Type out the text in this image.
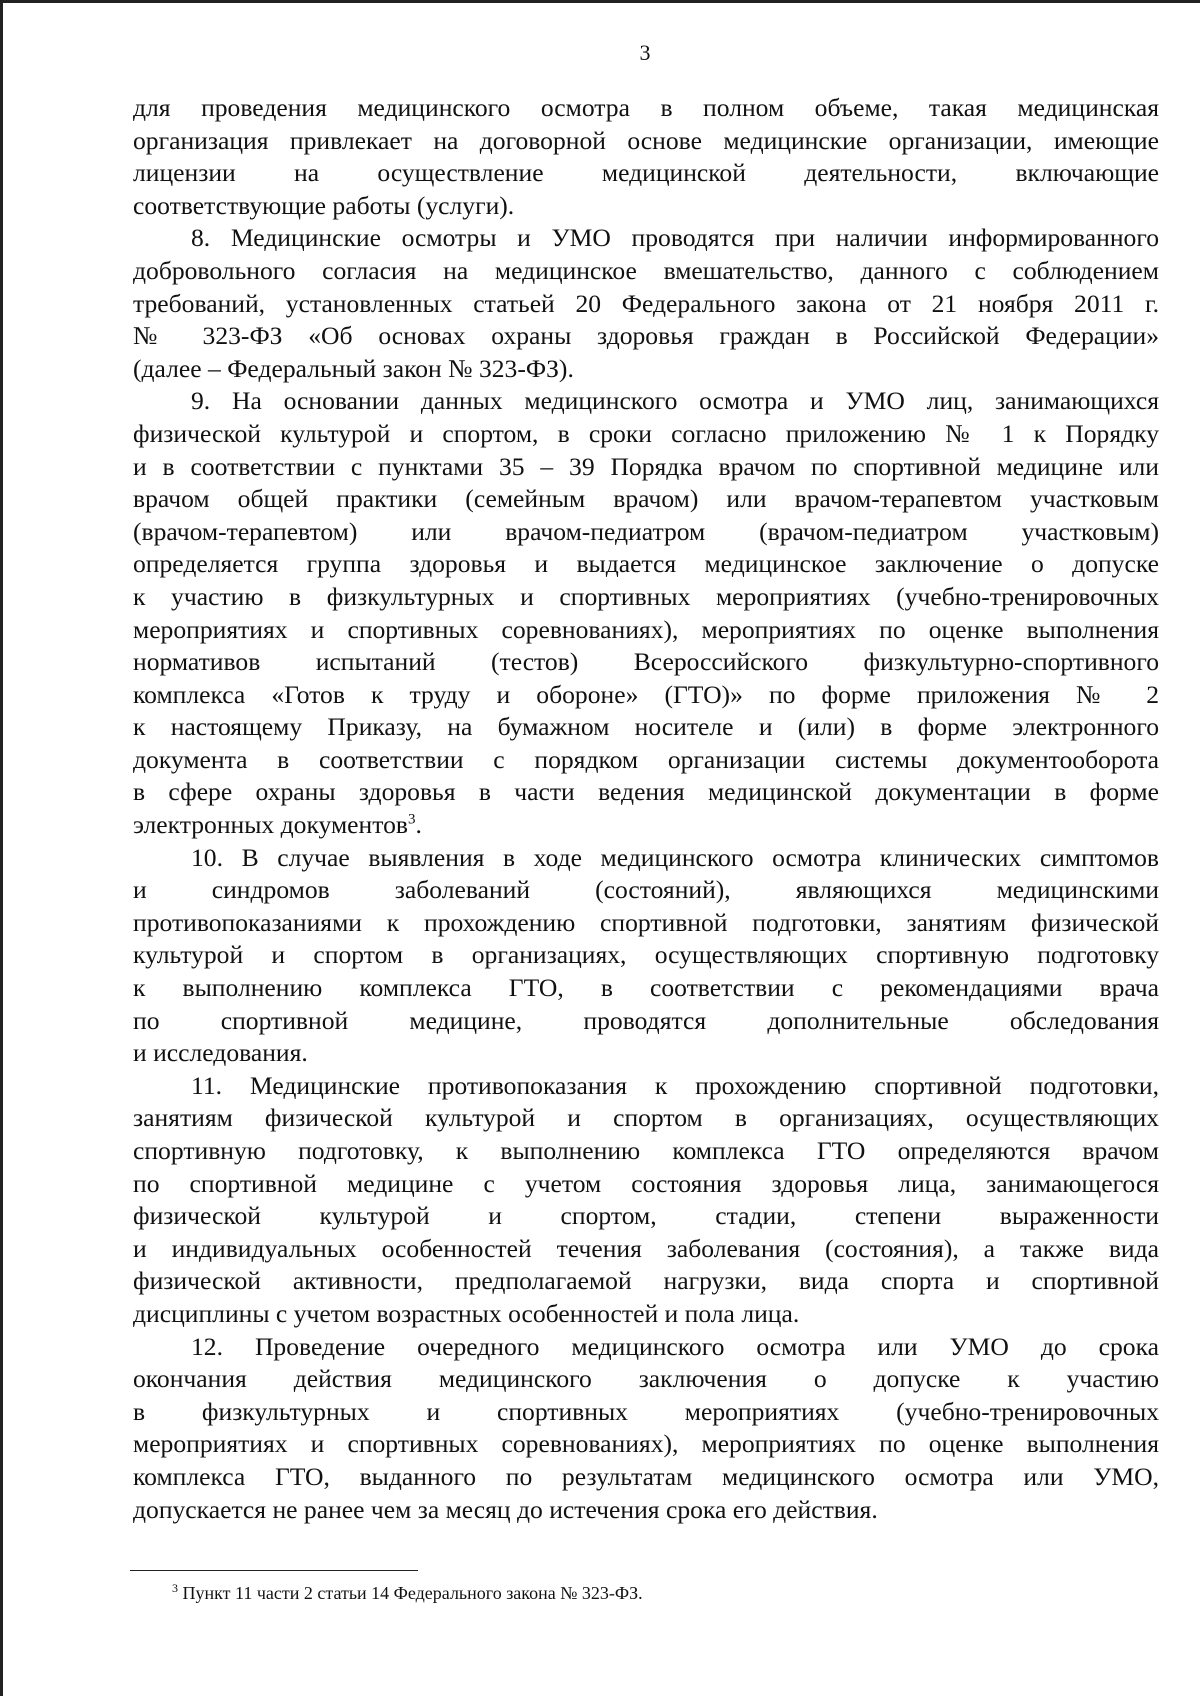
3
для проведения медицинского осмотра в полном объеме, такая медицинская
организация привлекает на договорной основе медицинские организации, имеющие
лицензии на осуществление медицинской деятельности, включающие
соответствующие работы (услуги).
8. Медицинские осмотры и УМО проводятся при наличии информированного
добровольного согласия на медицинское вмешательство, данного с соблюдением
требований, установленных статьей 20 Федерального закона от 21 ноября 2011 г.
№ 323-ФЗ «Об основах охраны здоровья граждан в Российской Федерации»
(далее – Федеральный закон № 323-ФЗ).
9. На основании данных медицинского осмотра и УМО лиц, занимающихся
физической культурой и спортом, в сроки согласно приложению № 1 к Порядку
и в соответствии с пунктами 35 – 39 Порядка врачом по спортивной медицине или
врачом общей практики (семейным врачом) или врачом-терапевтом участковым
(врачом-терапевтом) или врачом-педиатром (врачом-педиатром участковым)
определяется группа здоровья и выдается медицинское заключение о допуске
к участию в физкультурных и спортивных мероприятиях (учебно-тренировочных
мероприятиях и спортивных соревнованиях), мероприятиях по оценке выполнения
нормативов испытаний (тестов) Всероссийского физкультурно-спортивного
комплекса «Готов к труду и обороне» (ГТО)» по форме приложения № 2
к настоящему Приказу, на бумажном носителе и (или) в форме электронного
документа в соответствии с порядком организации системы документооборота
в сфере охраны здоровья в части ведения медицинской документации в форме
электронных документов$^3$.
10. В случае выявления в ходе медицинского осмотра клинических симптомов
и синдромов заболеваний (состояний), являющихся медицинскими
противопоказаниями к прохождению спортивной подготовки, занятиям физической
культурой и спортом в организациях, осуществляющих спортивную подготовку
к выполнению комплекса ГТО, в соответствии с рекомендациями врача
по спортивной медицине, проводятся дополнительные обследования
и исследования.
11. Медицинские противопоказания к прохождению спортивной подготовки,
занятиям физической культурой и спортом в организациях, осуществляющих
спортивную подготовку, к выполнению комплекса ГТО определяются врачом
по спортивной медицине с учетом состояния здоровья лица, занимающегося
физической культурой и спортом, стадии, степени выраженности
и индивидуальных особенностей течения заболевания (состояния), а также вида
физической активности, предполагаемой нагрузки, вида спорта и спортивной
дисциплины с учетом возрастных особенностей и пола лица.
12. Проведение очередного медицинского осмотра или УМО до срока
окончания действия медицинского заключения о допуске к участию
в физкультурных и спортивных мероприятиях (учебно-тренировочных
мероприятиях и спортивных соревнованиях), мероприятиях по оценке выполнения
комплекса ГТО, выданного по результатам медицинского осмотра или УМО,
допускается не ранее чем за месяц до истечения срока его действия.
$^3$ Пункт 11 части 2 статьи 14 Федерального закона № 323-ФЗ.
